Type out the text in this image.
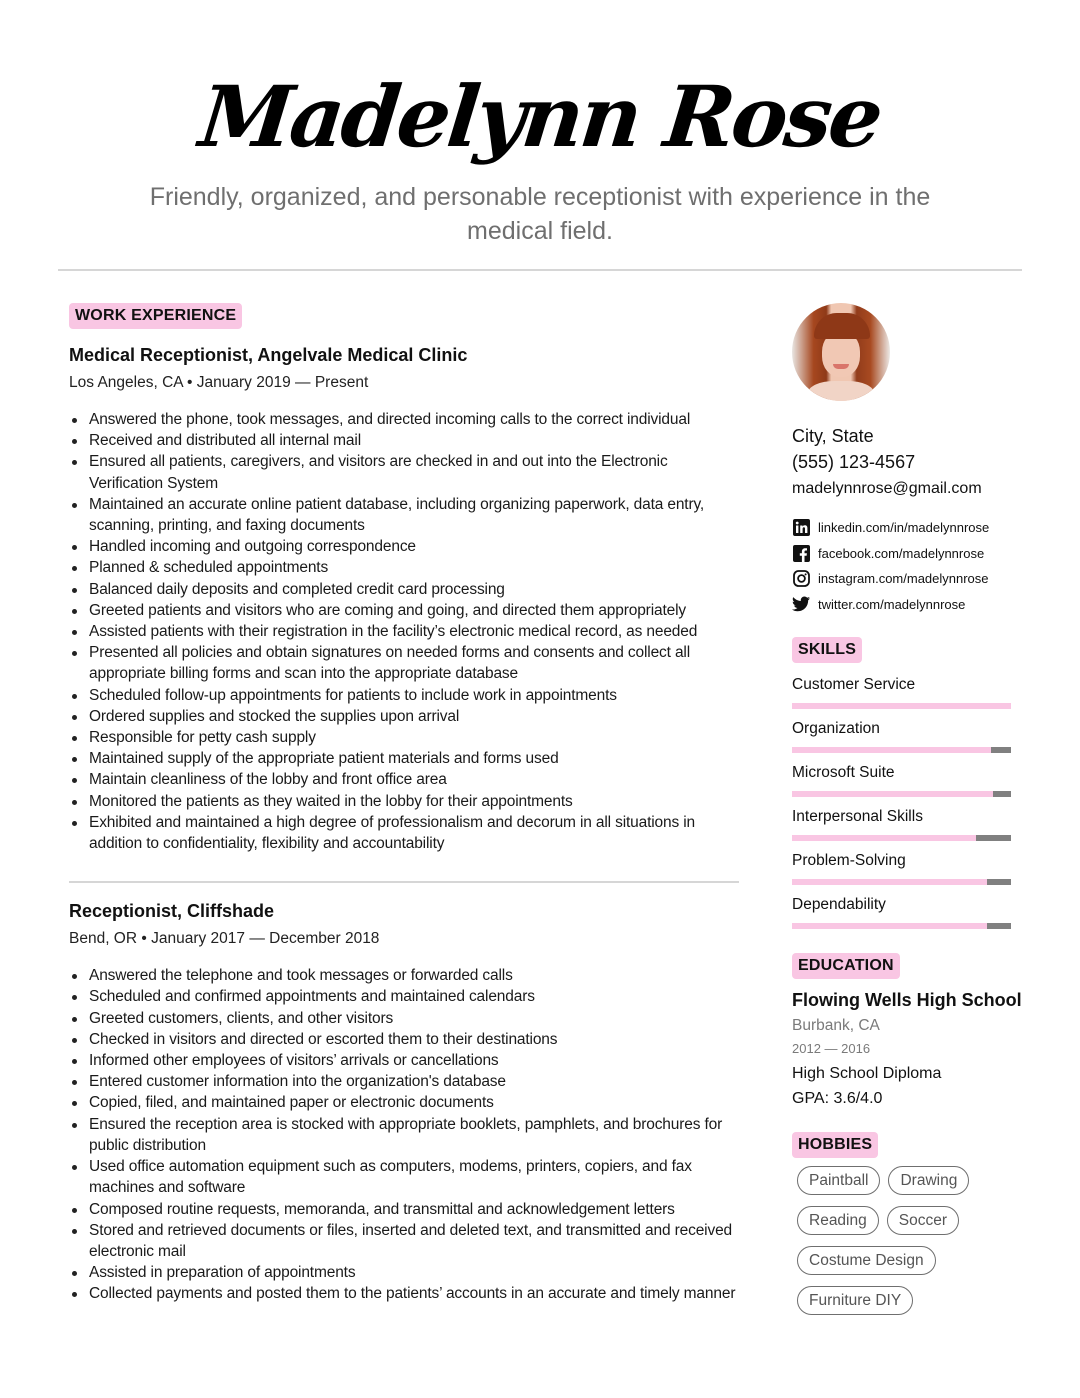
Madelynn Rose
Friendly, organized, and personable receptionist with experience in the medical field.
WORK EXPERIENCE
Medical Receptionist, Angelvale Medical Clinic
Los Angeles, CA • January 2019 — Present
Answered the phone, took messages, and directed incoming calls to the correct individual
Received and distributed all internal mail
Ensured all patients, caregivers, and visitors are checked in and out into the Electronic Verification System
Maintained an accurate online patient database, including organizing paperwork, data entry, scanning, printing, and faxing documents
Handled incoming and outgoing correspondence
Planned & scheduled appointments
Balanced daily deposits and completed credit card processing
Greeted patients and visitors who are coming and going, and directed them appropriately
Assisted patients with their registration in the facility’s electronic medical record, as needed
Presented all policies and obtain signatures on needed forms and consents and collect all appropriate billing forms and scan into the appropriate database
Scheduled follow-up appointments for patients to include work in appointments
Ordered supplies and stocked the supplies upon arrival
Responsible for petty cash supply
Maintained supply of the appropriate patient materials and forms used
Maintain cleanliness of the lobby and front office area
Monitored the patients as they waited in the lobby for their appointments
Exhibited and maintained a high degree of professionalism and decorum in all situations in addition to confidentiality, flexibility and accountability
Receptionist, Cliffshade
Bend, OR • January 2017 — December 2018
Answered the telephone and took messages or forwarded calls
Scheduled and confirmed appointments and maintained calendars
Greeted customers, clients, and other visitors
Checked in visitors and directed or escorted them to their destinations
Informed other employees of visitors’ arrivals or cancellations
Entered customer information into the organization's database
Copied, filed, and maintained paper or electronic documents
Ensured the reception area is stocked with appropriate booklets, pamphlets, and brochures for public distribution
Used office automation equipment such as computers, modems, printers, copiers, and fax machines and software
Composed routine requests, memoranda, and transmittal and acknowledgement letters
Stored and retrieved documents or files, inserted and deleted text, and transmitted and received electronic mail
Assisted in preparation of appointments
Collected payments and posted them to the patients’ accounts in an accurate and timely manner
City, State
(555) 123-4567
madelynnrose@gmail.com
linkedin.com/in/madelynnrose
facebook.com/madelynnrose
instagram.com/madelynnrose
twitter.com/madelynnrose
SKILLS
Customer Service
Organization
Microsoft Suite
Interpersonal Skills
Problem-Solving
Dependability
EDUCATION
Flowing Wells High School
Burbank, CA
2012 — 2016
High School Diploma
GPA: 3.6/4.0
HOBBIES
Paintball	Drawing
Reading	Soccer
Costume Design
Furniture DIY
